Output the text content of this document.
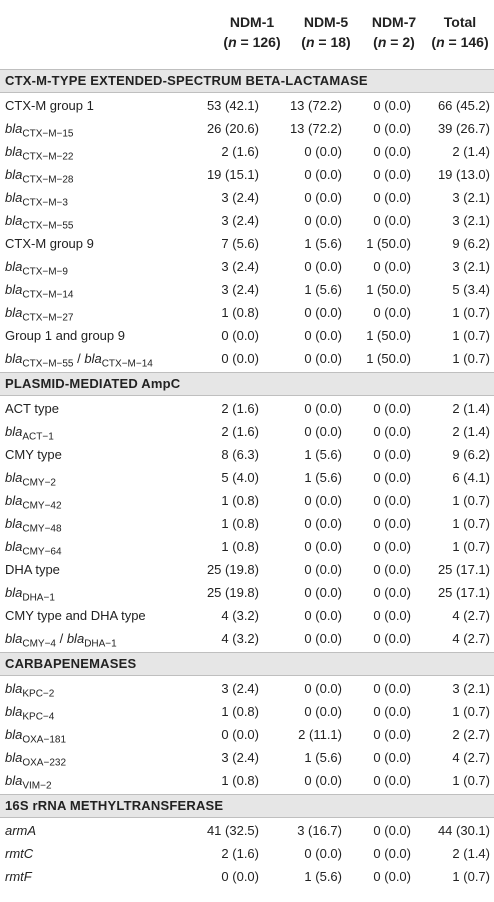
NDM-1
(n = 126)
NDM-5
(n = 18)
NDM-7
(n = 2)
Total
(n = 146)
CTX-M-TYPE EXTENDED-SPECTRUM BETA-LACTAMASE
CTX-M group 1	53 (42.1) 13 (72.2) 0 (0.0) 66 (45.2)
bla$_{CTX-M-15}$	26 (20.6) 13 (72.2) 0 (0.0) 39 (26.7)
bla$_{CTX-M-22}$	2 (1.6)	0 (0.0) 0 (0.0)	2 (1.4)
bla$_{CTX-M-28}$	19 (15.1)	0 (0.0) 0 (0.0) 19 (13.0)
bla$_{CTX-M-3}$	3 (2.4)	0 (0.0) 0 (0.0)	3 (2.1)
bla$_{CTX-M-55}$	3 (2.4)	0 (0.0) 0 (0.0)	3 (2.1)
CTX-M group 9	7 (5.6)	1 (5.6) 1 (50.0)	9 (6.2)
bla$_{CTX-M-9}$	3 (2.4)	0 (0.0) 0 (0.0)	3 (2.1)
bla$_{CTX-M-14}$	3 (2.4)	1 (5.6) 1 (50.0)	5 (3.4)
bla$_{CTX-M-27}$	1 (0.8)	0 (0.0) 0 (0.0)	1 (0.7)
Group 1 and group 9	0 (0.0)	0 (0.0) 1 (50.0)	1 (0.7)
bla$_{CTX-M-55}$ / bla$_{CTX-M-14}$	0 (0.0)	0 (0.0) 1 (50.0)	1 (0.7)
PLASMID-MEDIATED AmpC
ACT type	2 (1.6)	0 (0.0) 0 (0.0)	2 (1.4)
bla$_{ACT-1}$	2 (1.6)	0 (0.0) 0 (0.0)	2 (1.4)
CMY type	8 (6.3)	1 (5.6) 0 (0.0)	9 (6.2)
bla$_{CMY-2}$	5 (4.0)	1 (5.6) 0 (0.0)	6 (4.1)
bla$_{CMY-42}$	1 (0.8)	0 (0.0) 0 (0.0)	1 (0.7)
bla$_{CMY-48}$	1 (0.8)	0 (0.0) 0 (0.0)	1 (0.7)
bla$_{CMY-64}$	1 (0.8)	0 (0.0) 0 (0.0)	1 (0.7)
DHA type	25 (19.8)	0 (0.0) 0 (0.0) 25 (17.1)
bla$_{DHA-1}$	25 (19.8)	0 (0.0) 0 (0.0) 25 (17.1)
CMY type and DHA type	4 (3.2)	0 (0.0) 0 (0.0)	4 (2.7)
bla$_{CMY-4}$ / bla$_{DHA-1}$	4 (3.2)	0 (0.0) 0 (0.0)	4 (2.7)
CARBAPENEMASES
bla$_{KPC-2}$	3 (2.4)	0 (0.0) 0 (0.0)	3 (2.1)
bla$_{KPC-4}$	1 (0.8)	0 (0.0) 0 (0.0)	1 (0.7)
bla$_{OXA-181}$	0 (0.0)	2 (11.1) 0 (0.0)	2 (2.7)
bla$_{OXA-232}$	3 (2.4)	1 (5.6) 0 (0.0)	4 (2.7)
bla$_{VIM-2}$	1 (0.8)	0 (0.0) 0 (0.0)	1 (0.7)
16S rRNA METHYLTRANSFERASE
armA	41 (32.5)	3 (16.7) 0 (0.0) 44 (30.1)
rmtC	2 (1.6)	0 (0.0) 0 (0.0)	2 (1.4)
rmtF	0 (0.0)	1 (5.6) 0 (0.0)	1 (0.7)
